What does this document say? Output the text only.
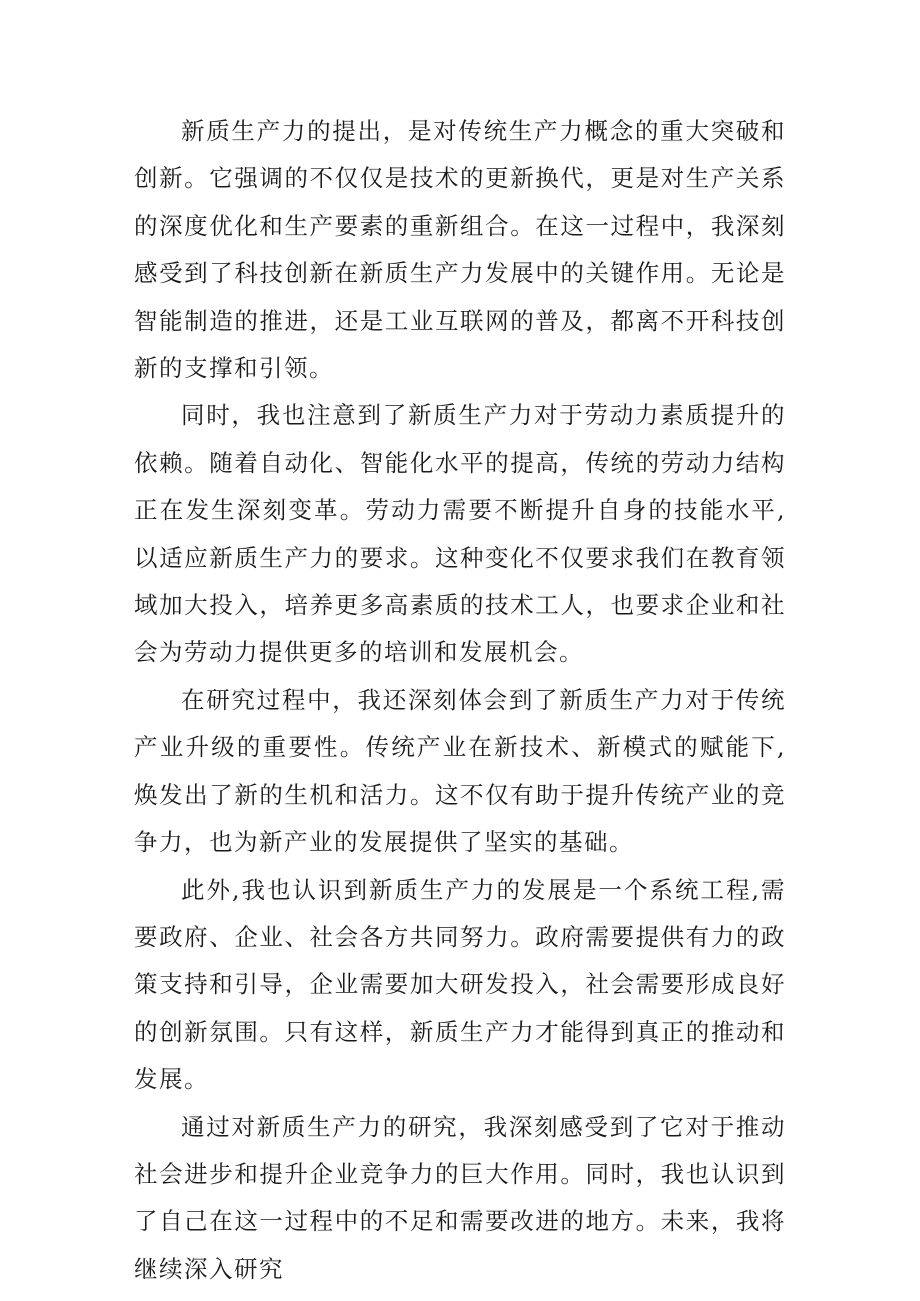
新质生产力的提出，是对传统生产力概念的重大突破和创新。它强调的不仅仅是技术的更新换代，更是对生产关系的深度优化和生产要素的重新组合。在这一过程中，我深刻感受到了科技创新在新质生产力发展中的关键作用。无论是智能制造的推进，还是工业互联网的普及，都离不开科技创新的支撑和引领。

同时，我也注意到了新质生产力对于劳动力素质提升的依赖。随着自动化、智能化水平的提高，传统的劳动力结构正在发生深刻变革。劳动力需要不断提升自身的技能水平,以适应新质生产力的要求。这种变化不仅要求我们在教育领域加大投入，培养更多高素质的技术工人，也要求企业和社会为劳动力提供更多的培训和发展机会。

在研究过程中，我还深刻体会到了新质生产力对于传统产业升级的重要性。传统产业在新技术、新模式的赋能下,焕发出了新的生机和活力。这不仅有助于提升传统产业的竞争力，也为新产业的发展提供了坚实的基础。

此外,我也认识到新质生产力的发展是一个系统工程,需要政府、企业、社会各方共同努力。政府需要提供有力的政策支持和引导，企业需要加大研发投入，社会需要形成良好的创新氛围。只有这样，新质生产力才能得到真正的推动和发展。

通过对新质生产力的研究，我深刻感受到了它对于推动社会进步和提升企业竞争力的巨大作用。同时，我也认识到了自己在这一过程中的不足和需要改进的地方。未来，我将继续深入研究
